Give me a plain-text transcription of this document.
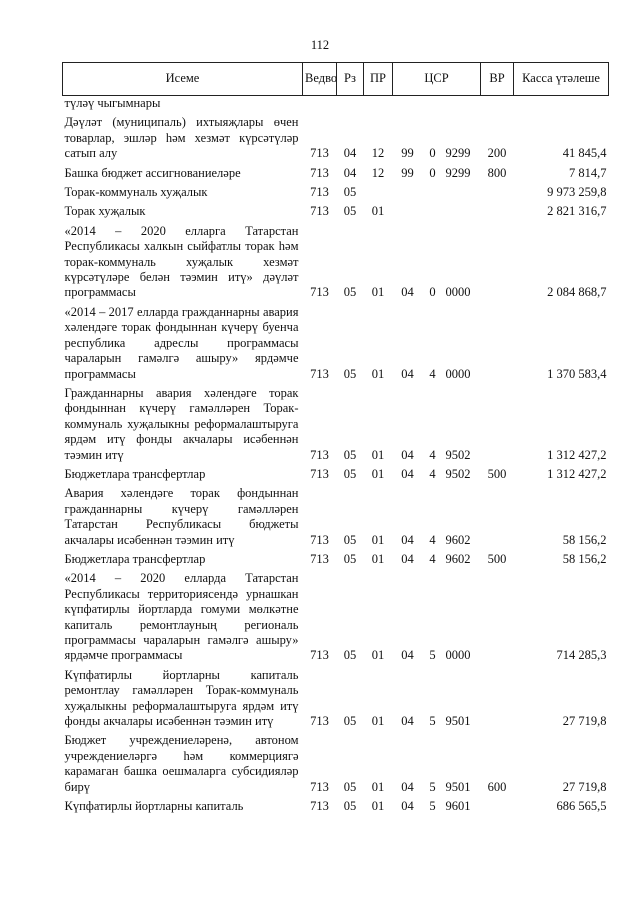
112
Исеме	Ведво	Рз	ПР	ЦСР			ВР	Касса үтәлеше
түләү чыгымнары								
Дәүләт (муниципаль) ихтыяҗлары өчен товарлар, эшләр һәм хезмәт күрсәтүләр сатып алу	713	04	12	99	0	9299	200	41 845,4
Башка бюджет ассигнованиеләре	713	04	12	99	0	9299	800	7 814,7
Торак-коммуналь хуҗалык	713	05						9 973 259,8
Торак хуҗалык	713	05	01					2 821 316,7
«2014 – 2020 елларга Татарстан Республикасы халкын сыйфатлы торак һәм торак-коммуналь хуҗалык хезмәт күрсәтүләре белән тәэмин итү» дәүләт программасы	713	05	01	04	0	0000		2 084 868,7
«2014 – 2017 елларда гражданнарны авария хәлендәге торак фондыннан күчерү буенча республика адреслы программасы чараларын гамәлгә ашыру» ярдәмче программасы	713	05	01	04	4	0000		1 370 583,4
Гражданнарны авария хәлендәге торак фондыннан күчерү гамәлләрен Торак-коммуналь хуҗалыкны реформалаштыруга ярдәм итү фонды акчалары исәбеннән тәэмин итү	713	05	01	04	4	9502		1 312 427,2
Бюджетлара трансфертлар	713	05	01	04	4	9502	500	1 312 427,2
Авария хәлендәге торак фондыннан гражданнарны күчерү гамәлләрен Татарстан Республикасы бюджеты акчалары исәбеннән тәэмин итү	713	05	01	04	4	9602		58 156,2
Бюджетлара трансфертлар	713	05	01	04	4	9602	500	58 156,2
«2014 – 2020 елларда Татарстан Республикасы территориясендә урнашкан күпфатирлы йортларда гомуми мөлкәтне капиталь ремонтлауның региональ программасы чараларын гамәлгә ашыру» ярдәмче программасы	713	05	01	04	5	0000		714 285,3
Күпфатирлы йортларны капиталь ремонтлау гамәлләрен Торак-коммуналь хуҗалыкны реформалаштыруга ярдәм итү фонды акчалары исәбеннән тәэмин итү	713	05	01	04	5	9501		27 719,8
Бюджет учреждениеләренә, автоном учреждениеләргә һәм коммерциягә карамаган башка оешмаларга субсидияләр бирү	713	05	01	04	5	9501	600	27 719,8
Күпфатирлы йортларны капиталь	713	05	01	04	5	9601		686 565,5
